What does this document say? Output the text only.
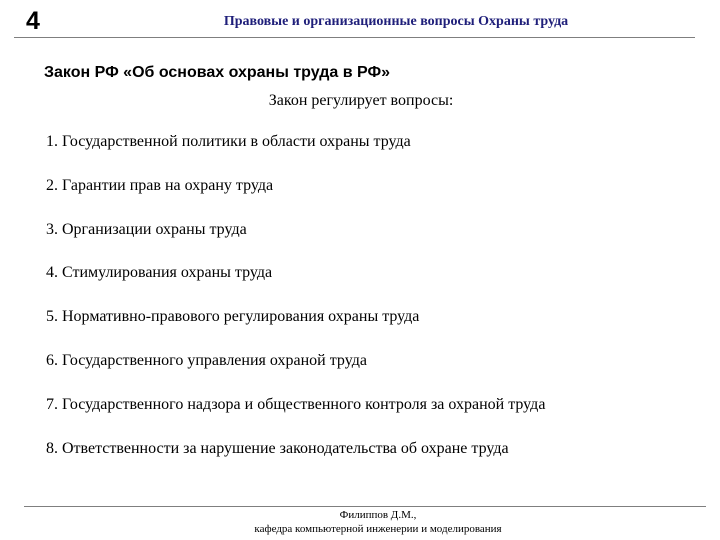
4	Правовые и организационные вопросы Охраны труда
Закон РФ «Об основах охраны труда в РФ»
Закон регулирует вопросы:
1. Государственной политики в области охраны труда
2. Гарантии прав на охрану труда
3. Организации охраны труда
4. Стимулирования охраны труда
5. Нормативно-правового регулирования охраны труда
6. Государственного управления охраной труда
7. Государственного надзора и общественного контроля за охраной труда
8. Ответственности за нарушение законодательства об охране труда
Филиппов Д.М.,
кафедра компьютерной инженерии и моделирования
